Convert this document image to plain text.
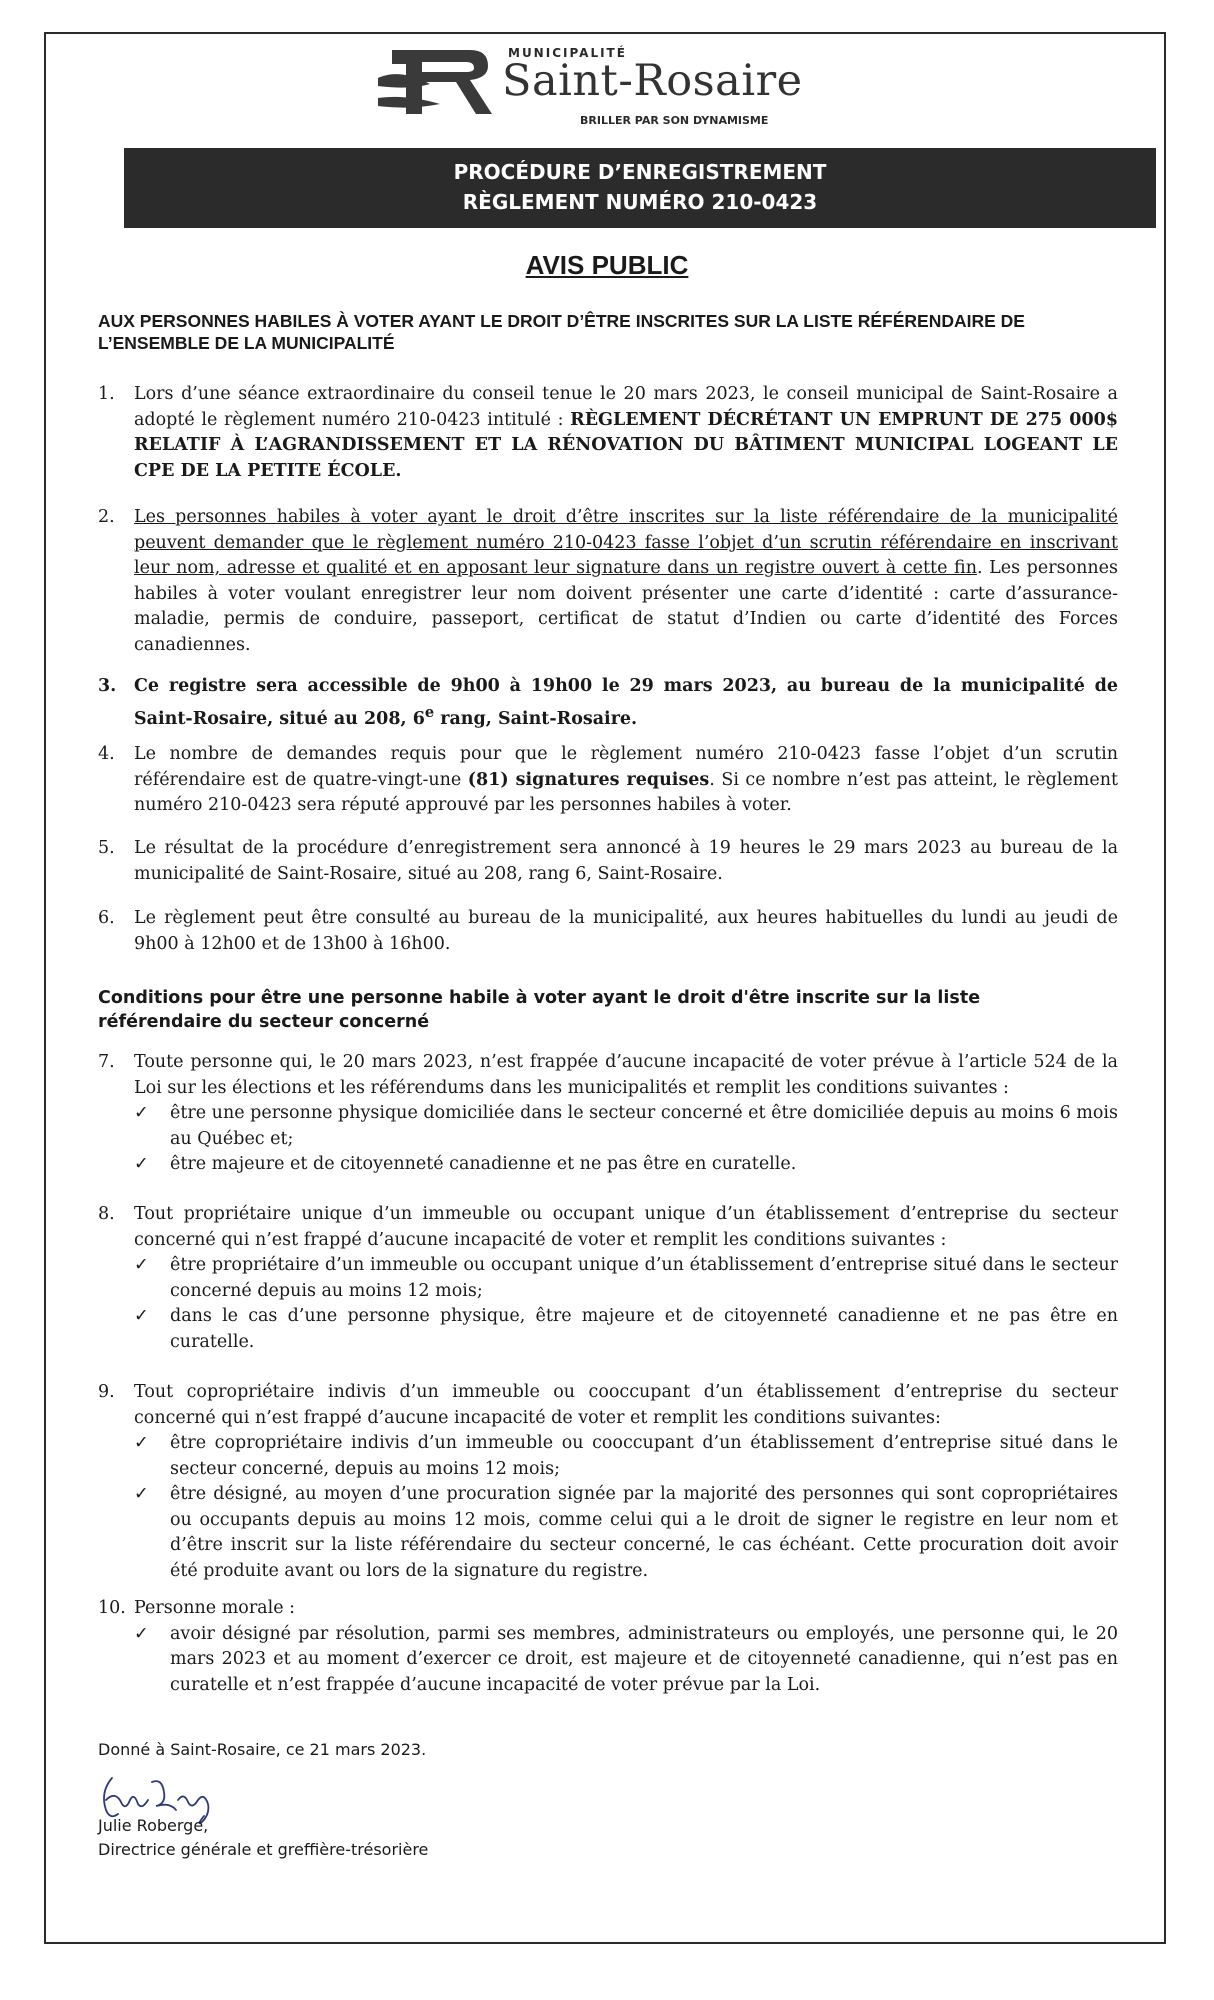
MUNICIPALITÉ
Saint-Rosaire
BRILLER PAR SON DYNAMISME
PROCÉDURE D’ENREGISTREMENT
RÈGLEMENT NUMÉRO 210-0423
AVIS PUBLIC
AUX PERSONNES HABILES À VOTER AYANT LE DROIT D’ÊTRE INSCRITES SUR LA LISTE RÉFÉRENDAIRE DE L’ENSEMBLE DE LA MUNICIPALITÉ
1.	Lors d’une séance extraordinaire du conseil tenue le 20 mars 2023, le conseil municipal de Saint-Rosaire a adopté le règlement numéro 210-0423 intitulé : RÈGLEMENT DÉCRÉTANT UN EMPRUNT DE 275 000$ RELATIF À L’AGRANDISSEMENT ET LA RÉNOVATION DU BÂTIMENT MUNICIPAL LOGEANT LE CPE DE LA PETITE ÉCOLE.
2.	Les personnes habiles à voter ayant le droit d’être inscrites sur la liste référendaire de la municipalité peuvent demander que le règlement numéro 210-0423 fasse l’objet d’un scrutin référendaire en inscrivant leur nom, adresse et qualité et en apposant leur signature dans un registre ouvert à cette fin. Les personnes habiles à voter voulant enregistrer leur nom doivent présenter une carte d’identité : carte d’assurance-maladie, permis de conduire, passeport, certificat de statut d’Indien ou carte d’identité des Forces canadiennes.
3.	Ce registre sera accessible de 9h00 à 19h00 le 29 mars 2023, au bureau de la municipalité de Saint-Rosaire, situé au 208, 6e rang, Saint-Rosaire.
4.	Le nombre de demandes requis pour que le règlement numéro 210-0423 fasse l’objet d’un scrutin référendaire est de quatre-vingt-une (81) signatures requises. Si ce nombre n’est pas atteint, le règlement numéro 210-0423 sera réputé approuvé par les personnes habiles à voter.
5.	Le résultat de la procédure d’enregistrement sera annoncé à 19 heures le 29 mars 2023 au bureau de la municipalité de Saint-Rosaire, situé au 208, rang 6, Saint-Rosaire.
6.	Le règlement peut être consulté au bureau de la municipalité, aux heures habituelles du lundi au jeudi de 9h00 à 12h00 et de 13h00 à 16h00.
Conditions pour être une personne habile à voter ayant le droit d'être inscrite sur la liste référendaire du secteur concerné
7.	Toute personne qui, le 20 mars 2023, n’est frappée d’aucune incapacité de voter prévue à l’article 524 de la Loi sur les élections et les référendums dans les municipalités et remplit les conditions suivantes :
✓ être une personne physique domiciliée dans le secteur concerné et être domiciliée depuis au moins 6 mois au Québec et;
✓ être majeure et de citoyenneté canadienne et ne pas être en curatelle.
8.	Tout propriétaire unique d’un immeuble ou occupant unique d’un établissement d’entreprise du secteur concerné qui n’est frappé d’aucune incapacité de voter et remplit les conditions suivantes :
✓ être propriétaire d’un immeuble ou occupant unique d’un établissement d’entreprise situé dans le secteur concerné depuis au moins 12 mois;
✓ dans le cas d’une personne physique, être majeure et de citoyenneté canadienne et ne pas être en curatelle.
9.	Tout copropriétaire indivis d’un immeuble ou cooccupant d’un établissement d’entreprise du secteur concerné qui n’est frappé d’aucune incapacité de voter et remplit les conditions suivantes:
✓ être copropriétaire indivis d’un immeuble ou cooccupant d’un établissement d’entreprise situé dans le secteur concerné, depuis au moins 12 mois;
✓ être désigné, au moyen d’une procuration signée par la majorité des personnes qui sont copropriétaires ou occupants depuis au moins 12 mois, comme celui qui a le droit de signer le registre en leur nom et d’être inscrit sur la liste référendaire du secteur concerné, le cas échéant. Cette procuration doit avoir été produite avant ou lors de la signature du registre.
10. Personne morale :
✓ avoir désigné par résolution, parmi ses membres, administrateurs ou employés, une personne qui, le 20 mars 2023 et au moment d’exercer ce droit, est majeure et de citoyenneté canadienne, qui n’est pas en curatelle et n’est frappée d’aucune incapacité de voter prévue par la Loi.
Donné à Saint-Rosaire, ce 21 mars 2023.
Julie Roberge,
Directrice générale et greffière-trésorière
